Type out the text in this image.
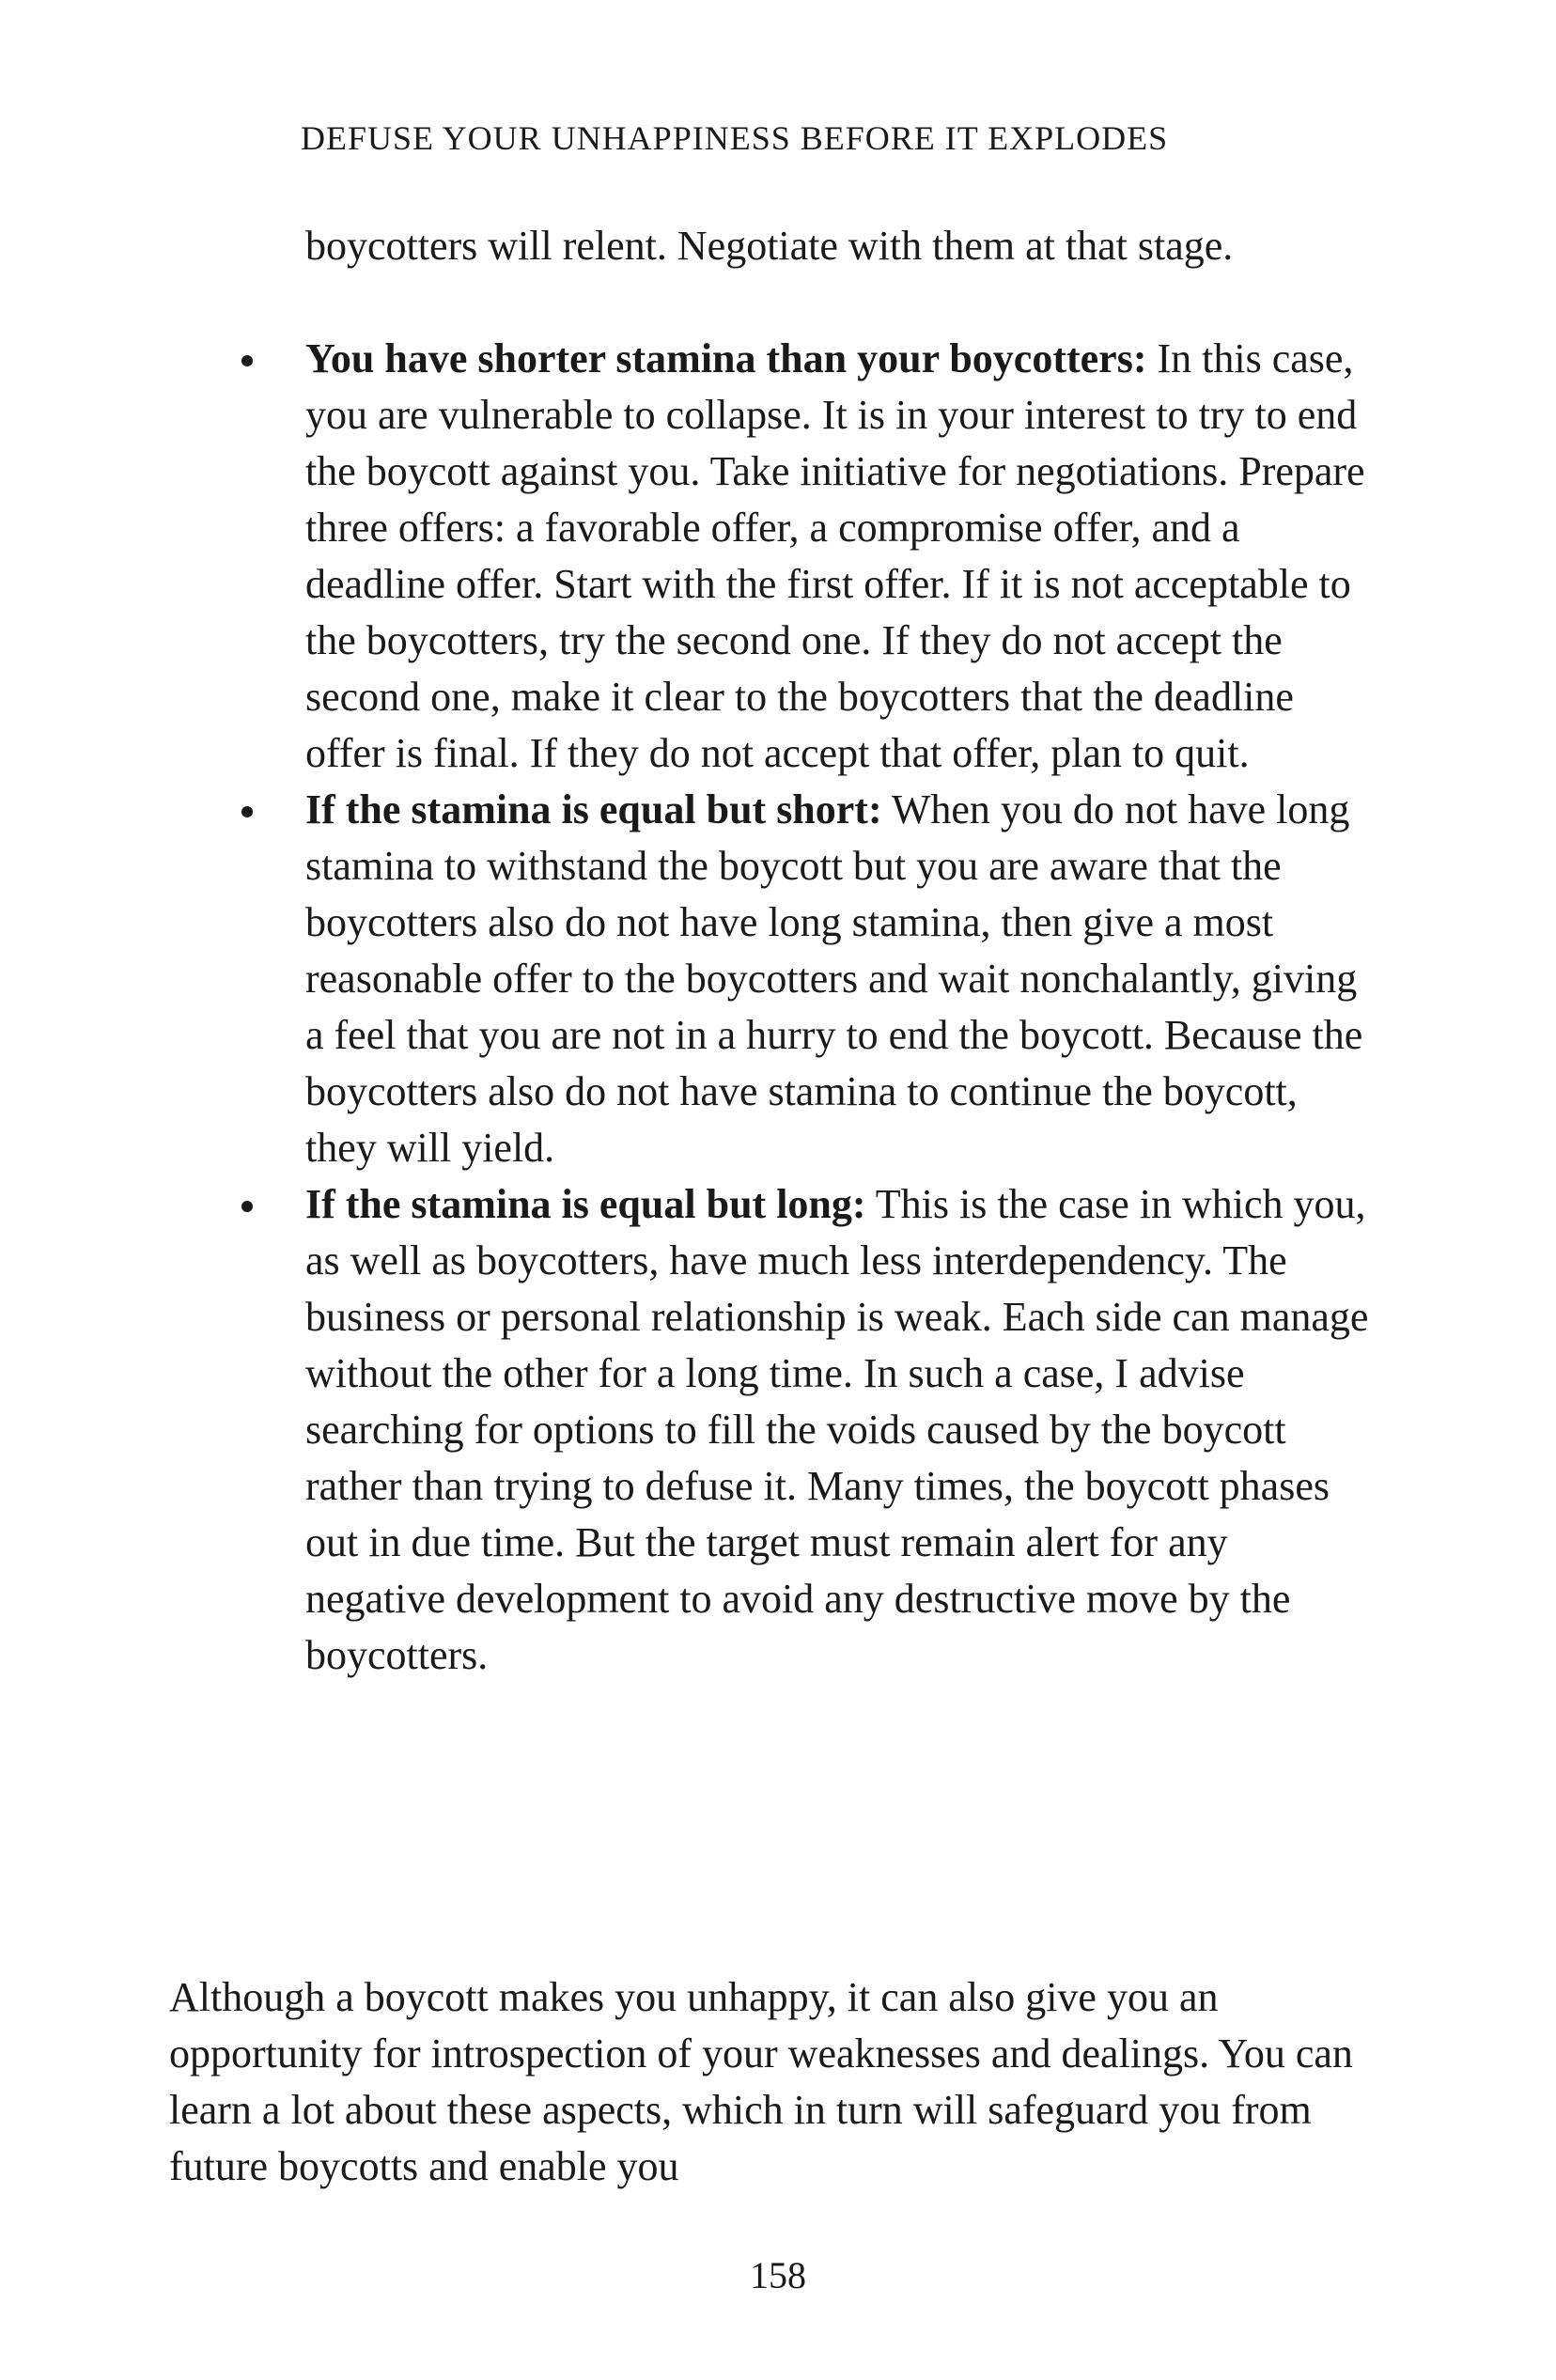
DEFUSE YOUR UNHAPPINESS BEFORE IT EXPLODES
boycotters will relent. Negotiate with them at that stage.
You have shorter stamina than your boycotters: In this case, you are vulnerable to collapse. It is in your interest to try to end the boycott against you. Take initiative for negotiations. Prepare three offers: a favorable offer, a compromise offer, and a deadline offer. Start with the first offer. If it is not acceptable to the boycotters, try the second one. If they do not accept the second one, make it clear to the boycotters that the deadline offer is final. If they do not accept that offer, plan to quit.
If the stamina is equal but short: When you do not have long stamina to withstand the boycott but you are aware that the boycotters also do not have long stamina, then give a most reasonable offer to the boycotters and wait nonchalantly, giving a feel that you are not in a hurry to end the boycott. Because the boycotters also do not have stamina to continue the boycott, they will yield.
If the stamina is equal but long: This is the case in which you, as well as boycotters, have much less interdependency. The business or personal relationship is weak. Each side can manage without the other for a long time. In such a case, I advise searching for options to fill the voids caused by the boycott rather than trying to defuse it. Many times, the boycott phases out in due time. But the target must remain alert for any negative development to avoid any destructive move by the boycotters.
Although a boycott makes you unhappy, it can also give you an opportunity for introspection of your weaknesses and dealings. You can learn a lot about these aspects, which in turn will safeguard you from future boycotts and enable you
158
